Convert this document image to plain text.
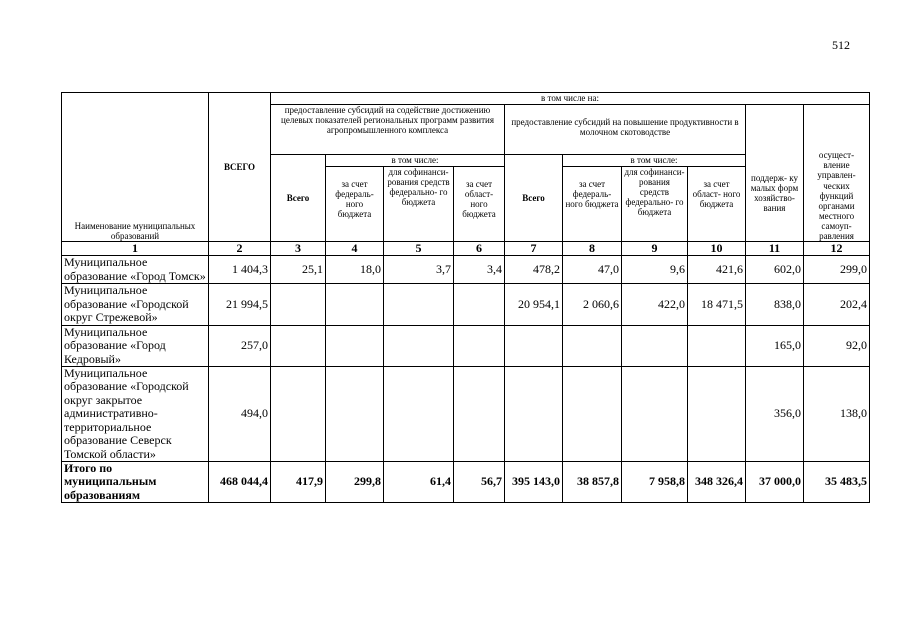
512
Наименование муниципальных образований	ВСЕГО	в том числе на:									
		предоставление субсидий на содействие достижению целевых показателей региональных программ развития агропромышленного комплекса				предоставление субсидий на повышение продуктивности в молочном скотоводстве				поддерж- ку малых форм хозяйство- вания	осущест- вление управлен- ческих функций органами местного самоуп- равления
		Всего	в том числе:			Всего	в том числе:				
			за счет федераль- ного бюджета	для софинанси- рования средств федерально- го бюджета	за счет област- ного бюджета		за счет федераль- ного бюджета	для софинанси- рования средств федерально- го бюджета	за счет област- ного бюджета		
1	2	3	4	5	6	7	8	9	10	11	12
Муниципальное образование «Город Томск»	1 404,3	25,1	18,0	3,7	3,4	478,2	47,0	9,6	421,6	602,0	299,0
Муниципальное образование «Городской округ Стрежевой»	21 994,5					20 954,1	2 060,6	422,0	18 471,5	838,0	202,4
Муниципальное образование «Город Кедровый»	257,0									165,0	92,0
Муниципальное образование «Городской округ закрытое административно-территориальное образование Северск Томской области»	494,0									356,0	138,0
Итого по муниципальным образованиям	468 044,4	417,9	299,8	61,4	56,7	395 143,0	38 857,8	7 958,8	348 326,4	37 000,0	35 483,5
